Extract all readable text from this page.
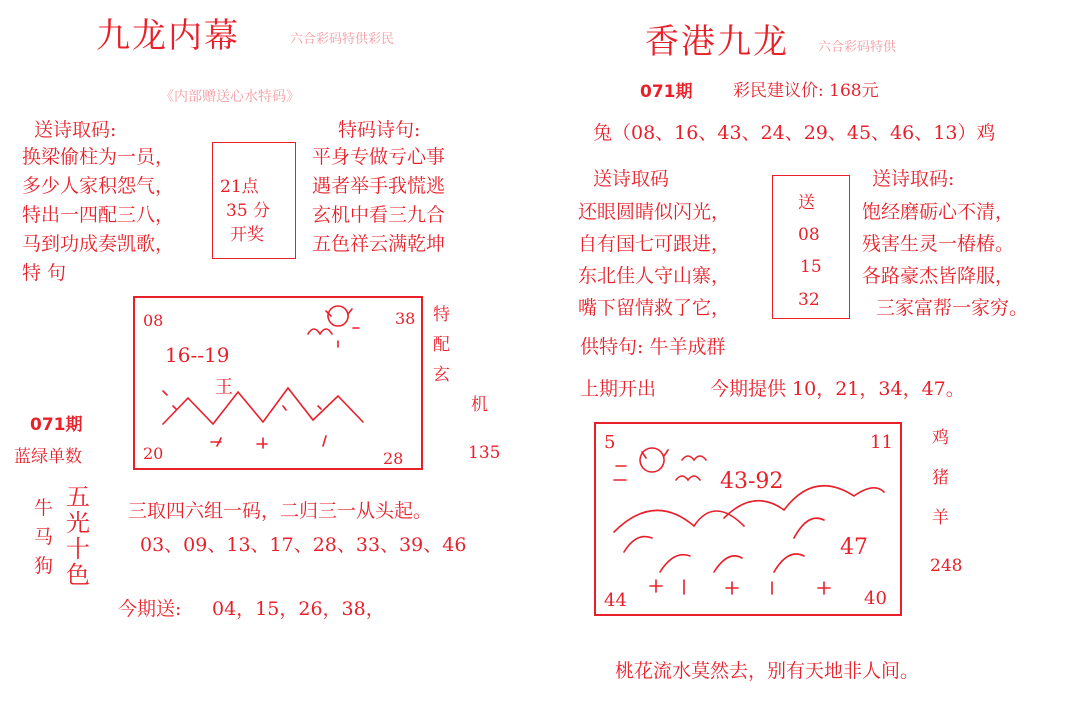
九龙内幕	六合彩码特供彩民
《内部赠送心水特码》
送诗取码:
换梁偷柱为一员，
多少人家积怨气，
特出一四配三八，
马到功成奏凯歌，
特 句
21点
35 分
开奖
特码诗句:
平身专做亏心事
遇者举手我慌逃
玄机中看三九合
五色祥云满乾坤
08	38
16--19
王
20	28
特
配
玄
机
135
071期
蓝绿单数
牛
马
狗
五
光
十
色
三取四六组一码，二归三一从头起。
03、09、13、17、28、33、39、46
今期送: 04，15，26，38，
香港九龙 六合彩码特供
071期 彩民建议价: 168元
兔（08、16、43、24、29、45、46、13）鸡
送诗取码
还眼圆睛似闪光，
自有国七可跟进，
东北佳人守山寨，
嘴下留情救了它，
送
08
15
32
送诗取码:
饱经磨砺心不清，
残害生灵一椿椿。
各路豪杰皆降服，
三家富帮一家穷。
供特句: 牛羊成群
上期开出	今期提供 10，21，34，47。
5	11
43-92
47
44	40
鸡
猪
羊
248
桃花流水莫然去，别有天地非人间。
